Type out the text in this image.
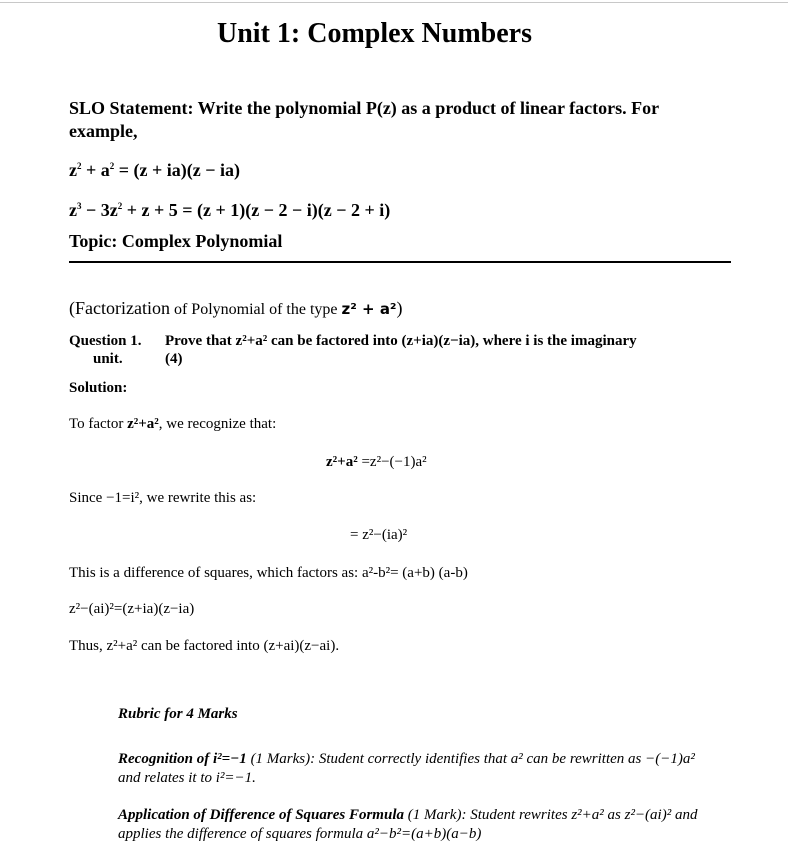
Unit 1: Complex Numbers
SLO Statement: Write the polynomial P(z) as a product of linear factors. For example,
$z^2 + a^2 = (z + ia)(z - ia)$
$z^3 - 3z^2 + z + 5 = (z + 1)(z - 2 - i)(z - 2 + i)$
Topic: Complex Polynomial
(Factorization of Polynomial of the type z² + a²)
Question 1. Prove that z²+a² can be factored into (z+ia)(z−ia), where i is the imaginary
unit.	(4)
Solution:
To factor z²+a², we recognize that:
z²+a² =z²−(−1)a²
Since −1=i², we rewrite this as:
= z²−(ia)²
This is a difference of squares, which factors as: a²-b²= (a+b) (a-b)
z²−(ai)²=(z+ia)(z−ia)
Thus, z²+a² can be factored into (z+ai)(z−ai).
Rubric for 4 Marks
Recognition of i²=−1 (1 Marks): Student correctly identifies that a² can be rewritten as −(−1)a² and relates it to i²=−1.
Application of Difference of Squares Formula (1 Mark): Student rewrites z²+a² as z²−(ai)² and applies the difference of squares formula a²−b²=(a+b)(a−b)
